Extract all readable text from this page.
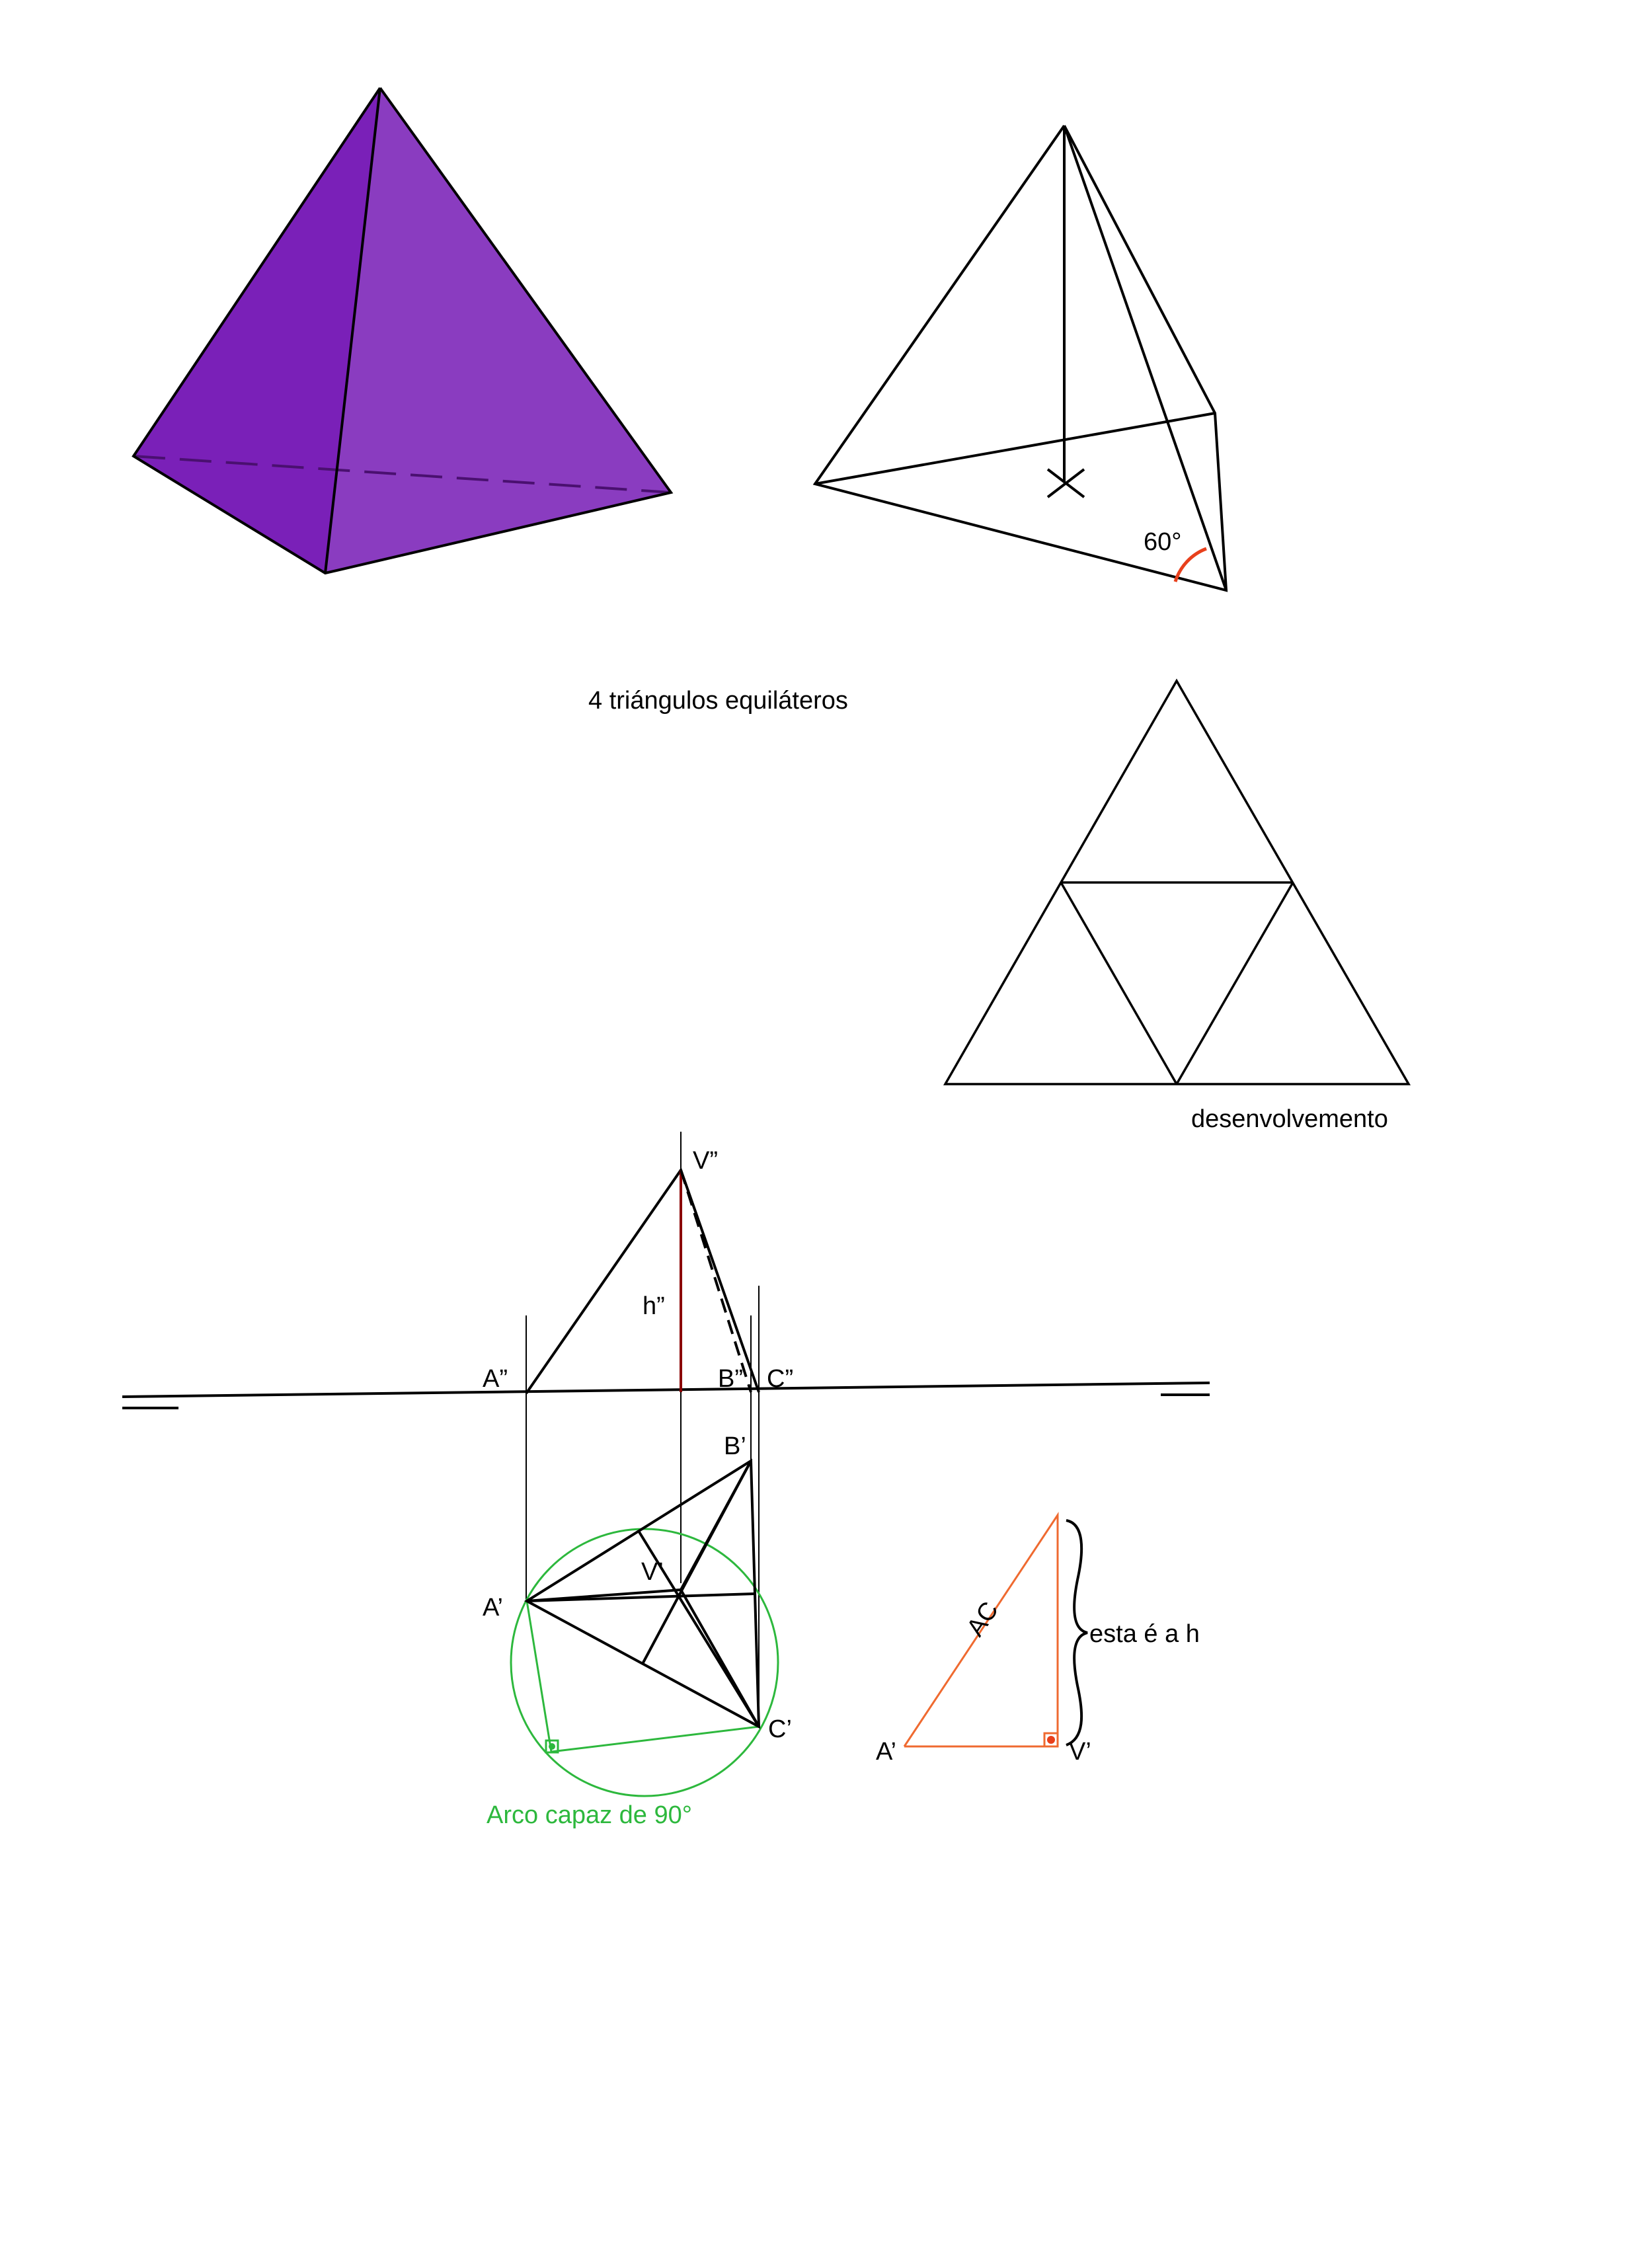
60°
4 triángulos equiláteros
desenvolvemento
V”
h”
A”	B” C”
B’
V’
A’
C’
Arco capaz de 90°
AC	esta é a h
A’	V’
